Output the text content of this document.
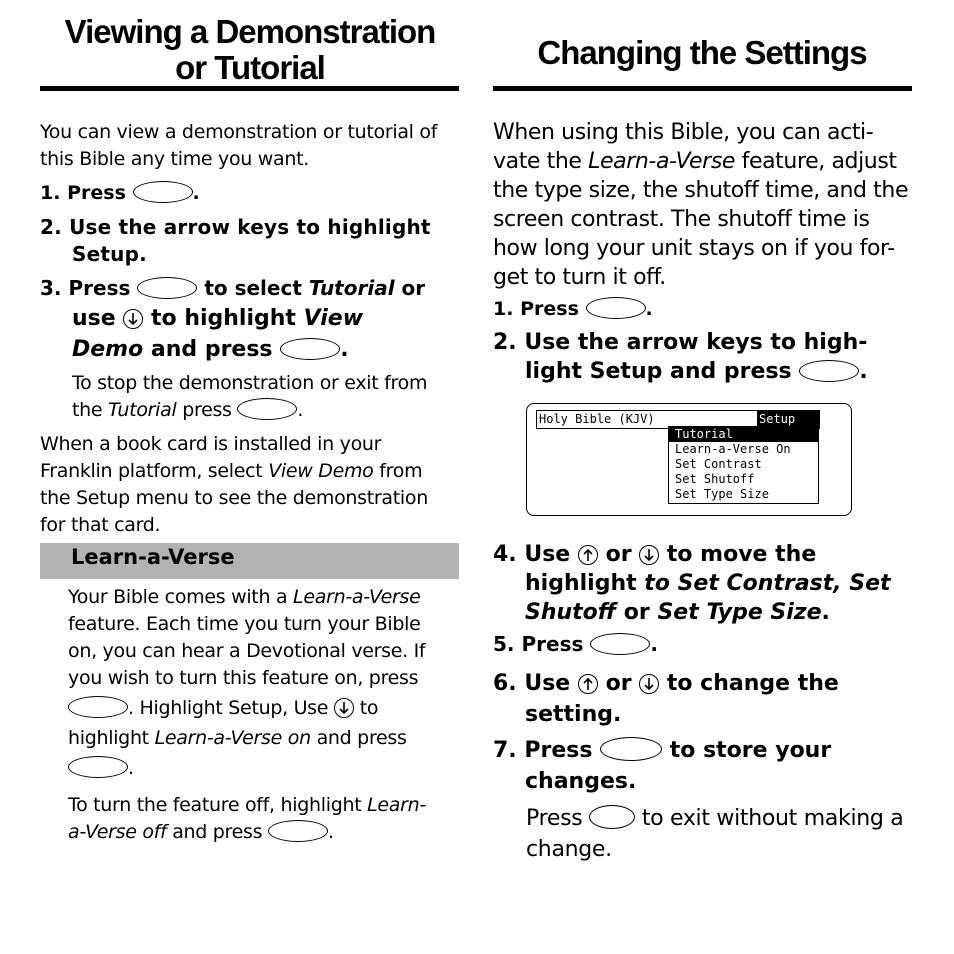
Viewing a Demonstration
or Tutorial

You can view a demonstration or tutorial of this Bible any time you want.

1. Press	.
2. Use the arrow keys to highlight
Setup.
3. Press	to select Tutorial or
use to highlight View
Demo and press	.
To stop the demonstration or exit from
the Tutorial press	.
When a book card is installed in your
Franklin platform, select View Demo from
the Setup menu to see the demonstration
for that card.
Learn-a-Verse
Your Bible comes with a Learn-a-Verse
feature. Each time you turn your Bible
on, you can hear a Devotional verse. If
you wish to turn this feature on, press
. Highlight Setup, Use to
highlight Learn-a-Verse on and press
.
To turn the feature off, highlight Learn-
a-Verse off and press	.
Changing the Settings
When using this Bible, you can acti-
vate the Learn-a-Verse feature, adjust
the type size, the shutoff time, and the
screen contrast. The shutoff time is
how long your unit stays on if you for-
get to turn it off.
1. Press	.
2. Use the arrow keys to high-
light Setup and press	.
Holy Bible (KJV)	Setup
Tutorial
Learn-a-Verse On
Set Contrast
Set Shutoff
Set Type Size
4. Use or to move the
highlight to Set Contrast, Set
Shutoff or Set Type Size.
5. Press	.
6. Use or to change the
setting.
7. Press	to store your
changes.
Press	to exit without making a
change.
